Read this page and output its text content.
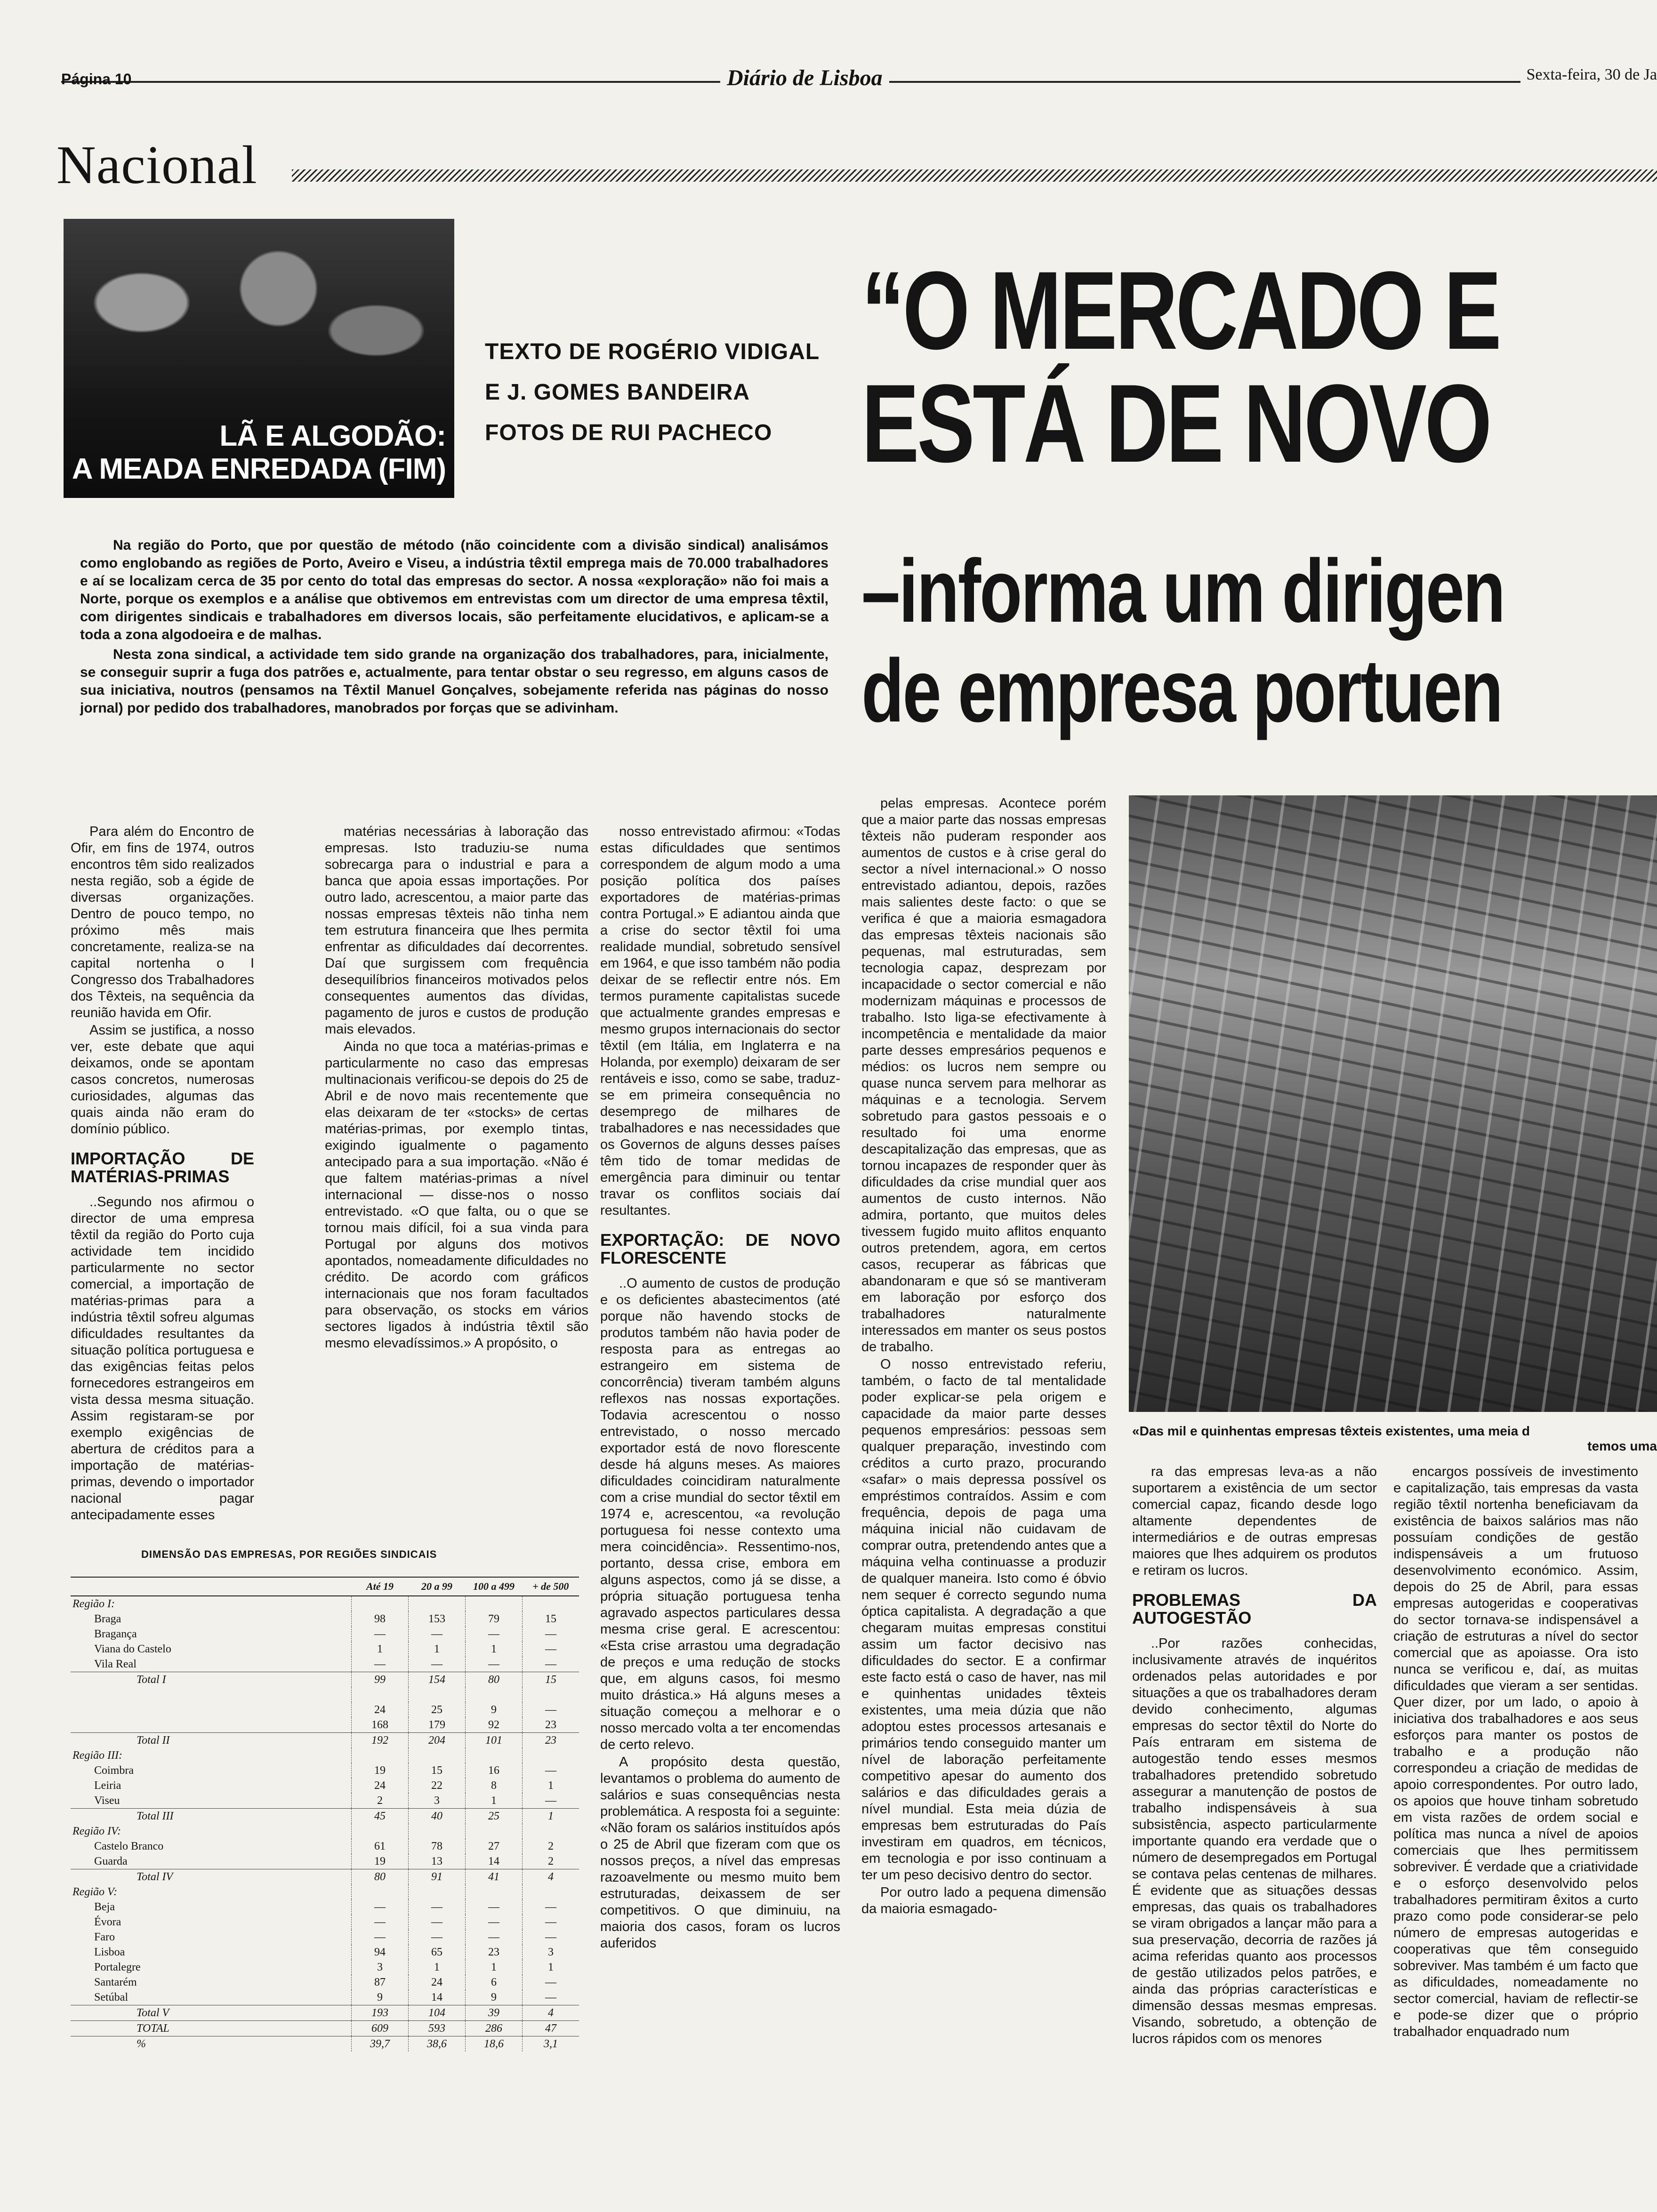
Página 10	Diário de Lisboa	Sexta-feira, 30 de Ja
Nacional
LÃ E ALGODÃO:
A MEADA ENREDADA (FIM)
TEXTO DE ROGÉRIO VIDIGAL
E J. GOMES BANDEIRA
FOTOS DE RUI PACHECO
“O MERCADO E
ESTÁ DE NOVO
–informa um dirigen
de empresa portuen

Na região do Porto, que por questão de método (não coincidente com a divisão sindical) analisámos como englobando as regiões de Porto, Aveiro e Viseu, a indústria têxtil emprega mais de 70.000 trabalhadores e aí se localizam cerca de 35 por cento do total das empresas do sector. A nossa «exploração» não foi mais a Norte, porque os exemplos e a análise que obtivemos em entrevistas com um director de uma empresa têxtil, com dirigentes sindicais e trabalhadores em diversos locais, são perfeitamente elucidativos, e aplicam-se a toda a zona algodoeira e de malhas.

Nesta zona sindical, a actividade tem sido grande na organização dos trabalhadores, para, inicialmente, se conseguir suprir a fuga dos patrões e, actualmente, para tentar obstar o seu regresso, em alguns casos de sua iniciativa, noutros (pensamos na Têxtil Manuel Gonçalves, sobejamente referida nas páginas do nosso jornal) por pedido dos trabalhadores, manobrados por forças que se adivinham.

Para além do Encontro de Ofir, em fins de 1974, outros encontros têm sido realizados nesta região, sob a égide de diversas organizações. Dentro de pouco tempo, no próximo mês mais concretamente, realiza-se na capital nortenha o I Congresso dos Trabalhadores dos Têxteis, na sequência da reunião havida em Ofir.

Assim se justifica, a nosso ver, este debate que aqui deixamos, onde se apontam casos concretos, numerosas curiosidades, algumas das quais ainda não eram do domínio público.

IMPORTAÇÃO DE MATÉRIAS-PRIMAS

..Segundo nos afirmou o director de uma empresa têxtil da região do Porto cuja actividade tem incidido particularmente no sector comercial, a importação de matérias-primas para a indústria têxtil sofreu algumas dificuldades resultantes da situação política portuguesa e das exigências feitas pelos fornecedores estrangeiros em vista dessa mesma situação. Assim registaram-se por exemplo exigências de abertura de créditos para a importação de matérias-primas, devendo o importador nacional pagar antecipadamente esses

matérias necessárias à laboração das empresas. Isto traduziu-se numa sobrecarga para o industrial e para a banca que apoia essas importações. Por outro lado, acrescentou, a maior parte das nossas empresas têxteis não tinha nem tem estrutura financeira que lhes permita enfrentar as dificuldades daí decorrentes. Daí que surgissem com frequência desequilíbrios financeiros motivados pelos consequentes aumentos das dívidas, pagamento de juros e custos de produção mais elevados.

Ainda no que toca a matérias-primas e particularmente no caso das empresas multinacionais verificou-se depois do 25 de Abril e de novo mais recentemente que elas deixaram de ter «stocks» de certas matérias-primas, por exemplo tintas, exigindo igualmente o pagamento antecipado para a sua importação. «Não é que faltem matérias-primas a nível internacional — disse-nos o nosso entrevistado. «O que falta, ou o que se tornou mais difícil, foi a sua vinda para Portugal por alguns dos motivos apontados, nomeadamente dificuldades no crédito. De acordo com gráficos internacionais que nos foram facultados para observação, os stocks em vários sectores ligados à indústria têxtil são mesmo elevadíssimos.» A propósito, o

DIMENSÃO DAS EMPRESAS, POR REGIÕES SINDICAIS
	Até 19	20 a 99	100 a 499	+ de 500
Região I:				
Braga	98	153	79	15
Bragança	—	—	—	—
Viana do Castelo	1	1	1	—
Vila Real	—	—	—	—
Total I	99	154	80	15

	24	25	9	—
	168	179	92	23
Total II	192	204	101	23
Região III:				
Coimbra	19	15	16	—
Leiria	24	22	8	1
Viseu	2	3	1	—
Total III	45	40	25	1
Região IV:				
Castelo Branco	61	78	27	2
Guarda	19	13	14	2
Total IV	80	91	41	4
Região V:				
Beja	—	—	—	—
Évora	—	—	—	—
Faro	—	—	—	—
Lisboa	94	65	23	3
Portalegre	3	1	1	1
Santarém	87	24	6	—
Setúbal	9	14	9	—
Total V	193	104	39	4
TOTAL	609	593	286	47
%	39,7	38,6	18,6	3,1

nosso entrevistado afirmou: «Todas estas dificuldades que sentimos correspondem de algum modo a uma posição política dos países exportadores de matérias-primas contra Portugal.» E adiantou ainda que a crise do sector têxtil foi uma realidade mundial, sobretudo sensível em 1964, e que isso também não podia deixar de se reflectir entre nós. Em termos puramente capitalistas sucede que actualmente grandes empresas e mesmo grupos internacionais do sector têxtil (em Itália, em Inglaterra e na Holanda, por exemplo) deixaram de ser rentáveis e isso, como se sabe, traduz-se em primeira consequência no desemprego de milhares de trabalhadores e nas necessidades que os Governos de alguns desses países têm tido de tomar medidas de emergência para diminuir ou tentar travar os conflitos sociais daí resultantes.

EXPORTAÇÃO: DE NOVO FLORESCENTE

..O aumento de custos de produção e os deficientes abastecimentos (até porque não havendo stocks de produtos também não havia poder de resposta para as entregas ao estrangeiro em sistema de concorrência) tiveram também alguns reflexos nas nossas exportações. Todavia acrescentou o nosso entrevistado, o nosso mercado exportador está de novo florescente desde há alguns meses. As maiores dificuldades coincidiram naturalmente com a crise mundial do sector têxtil em 1974 e, acrescentou, «a revolução portuguesa foi nesse contexto uma mera coincidência». Ressentimo-nos, portanto, dessa crise, embora em alguns aspectos, como já se disse, a própria situação portuguesa tenha agravado aspectos particulares dessa mesma crise geral. E acrescentou: «Esta crise arrastou uma degradação de preços e uma redução de stocks que, em alguns casos, foi mesmo muito drástica.» Há alguns meses a situação começou a melhorar e o nosso mercado volta a ter encomendas de certo relevo.

A propósito desta questão, levantamos o problema do aumento de salários e suas consequências nesta problemática. A resposta foi a seguinte: «Não foram os salários instituídos após o 25 de Abril que fizeram com que os nossos preços, a nível das empresas razoavelmente ou mesmo muito bem estruturadas, deixassem de ser competitivos. O que diminuiu, na maioria dos casos, foram os lucros auferidos

pelas empresas. Acontece porém que a maior parte das nossas empresas têxteis não puderam responder aos aumentos de custos e à crise geral do sector a nível internacional.» O nosso entrevistado adiantou, depois, razões mais salientes deste facto: o que se verifica é que a maioria esmagadora das empresas têxteis nacionais são pequenas, mal estruturadas, sem tecnologia capaz, desprezam por incapacidade o sector comercial e não modernizam máquinas e processos de trabalho. Isto liga-se efectivamente à incompetência e mentalidade da maior parte desses empresários pequenos e médios: os lucros nem sempre ou quase nunca servem para melhorar as máquinas e a tecnologia. Servem sobretudo para gastos pessoais e o resultado foi uma enorme descapitalização das empresas, que as tornou incapazes de responder quer às dificuldades da crise mundial quer aos aumentos de custo internos. Não admira, portanto, que muitos deles tivessem fugido muito aflitos enquanto outros pretendem, agora, em certos casos, recuperar as fábricas que abandonaram e que só se mantiveram em laboração por esforço dos trabalhadores naturalmente interessados em manter os seus postos de trabalho.

O nosso entrevistado referiu, também, o facto de tal mentalidade poder explicar-se pela origem e capacidade da maior parte desses pequenos empresários: pessoas sem qualquer preparação, investindo com créditos a curto prazo, procurando «safar» o mais depressa possível os empréstimos contraídos. Assim e com frequência, depois de paga uma máquina inicial não cuidavam de comprar outra, pretendendo antes que a máquina velha continuasse a produzir de qualquer maneira. Isto como é óbvio nem sequer é correcto segundo numa óptica capitalista. A degradação a que chegaram muitas empresas constitui assim um factor decisivo nas dificuldades do sector. E a confirmar este facto está o caso de haver, nas mil e quinhentas unidades têxteis existentes, uma meia dúzia que não adoptou estes processos artesanais e primários tendo conseguido manter um nível de laboração perfeitamente competitivo apesar do aumento dos salários e das dificuldades gerais a nível mundial. Esta meia dúzia de empresas bem estruturadas do País investiram em quadros, em técnicos, em tecnologia e por isso continuam a ter um peso decisivo dentro do sector.

Por outro lado a pequena dimensão da maioria esmagado-

«Das mil e quinhentas empresas têxteis existentes, uma meia d
temos uma

ra das empresas leva-as a não suportarem a existência de um sector comercial capaz, ficando desde logo altamente dependentes de intermediários e de outras empresas maiores que lhes adquirem os produtos e retiram os lucros.

PROBLEMAS DA AUTOGESTÃO

..Por razões conhecidas, inclusivamente através de inquéritos ordenados pelas autoridades e por situações a que os trabalhadores deram devido conhecimento, algumas empresas do sector têxtil do Norte do País entraram em sistema de autogestão tendo esses mesmos trabalhadores pretendido sobretudo assegurar a manutenção de postos de trabalho indispensáveis à sua subsistência, aspecto particularmente importante quando era verdade que o número de desempregados em Portugal se contava pelas centenas de milhares. É evidente que as situações dessas empresas, das quais os trabalhadores se viram obrigados a lançar mão para a sua preservação, decorria de razões já acima referidas quanto aos processos de gestão utilizados pelos patrões, e ainda das próprias características e dimensão dessas mesmas empresas. Visando, sobretudo, a obtenção de lucros rápidos com os menores

encargos possíveis de investimento e capitalização, tais empresas da vasta região têxtil nortenha beneficiavam da existência de baixos salários mas não possuíam condições de gestão indispensáveis a um frutuoso desenvolvimento económico. Assim, depois do 25 de Abril, para essas empresas autogeridas e cooperativas do sector tornava-se indispensável a criação de estruturas a nível do sector comercial que as apoiasse. Ora isto nunca se verificou e, daí, as muitas dificuldades que vieram a ser sentidas. Quer dizer, por um lado, o apoio à iniciativa dos trabalhadores e aos seus esforços para manter os postos de trabalho e a produção não correspondeu a criação de medidas de apoio correspondentes. Por outro lado, os apoios que houve tinham sobretudo em vista razões de ordem social e política mas nunca a nível de apoios comerciais que lhes permitissem sobreviver. É verdade que a criatividade e o esforço desenvolvido pelos trabalhadores permitiram êxitos a curto prazo como pode considerar-se pelo número de empresas autogeridas e cooperativas que têm conseguido sobreviver. Mas também é um facto que as dificuldades, nomeadamente no sector comercial, haviam de reflectir-se e pode-se dizer que o próprio trabalhador enquadrado num
